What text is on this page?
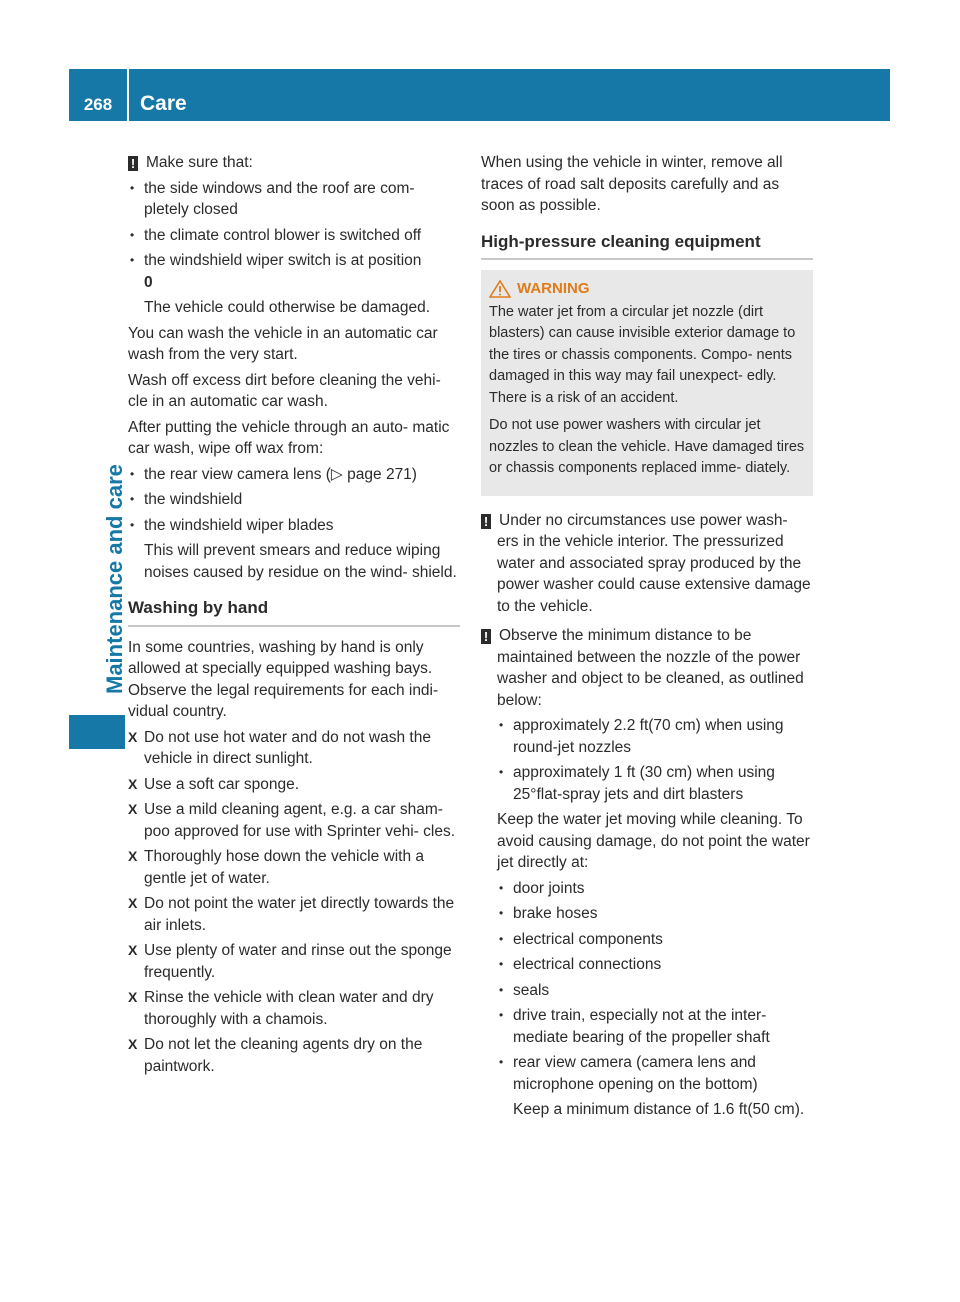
268	Care
Maintenance and care
! Make sure that:
• the side windows and the roof are com- pletely closed
• the climate control blower is switched off
• the windshield wiper switch is at position
0

The vehicle could otherwise be damaged.

You can wash the vehicle in an automatic car wash from the very start.

Wash off excess dirt before cleaning the vehi- cle in an automatic car wash.

After putting the vehicle through an auto- matic car wash, wipe off wax from:

• the rear view camera lens (▷ page 271)
• the windshield
• the windshield wiper blades

This will prevent smears and reduce wiping noises caused by residue on the wind- shield.

Washing by hand

In some countries, washing by hand is only allowed at specially equipped washing bays. Observe the legal requirements for each indi- vidual country.

X Do not use hot water and do not wash the vehicle in direct sunlight.
X Use a soft car sponge.
X Use a mild cleaning agent, e.g. a car sham- poo approved for use with Sprinter vehi- cles.
X Thoroughly hose down the vehicle with a gentle jet of water.
X Do not point the water jet directly towards the air inlets.
X Use plenty of water and rinse out the sponge frequently.
X Rinse the vehicle with clean water and dry thoroughly with a chamois.
X Do not let the cleaning agents dry on the paintwork.

When using the vehicle in winter, remove all traces of road salt deposits carefully and as soon as possible.

High-pressure cleaning equipment
WARNING

The water jet from a circular jet nozzle (dirt blasters) can cause invisible exterior damage to the tires or chassis components. Compo- nents damaged in this way may fail unexpect- edly. There is a risk of an accident.

Do not use power washers with circular jet nozzles to clean the vehicle. Have damaged tires or chassis components replaced imme- diately.

! Under no circumstances use power wash- ers in the vehicle interior. The pressurized water and associated spray produced by the power washer could cause extensive damage to the vehicle.
! Observe the minimum distance to be maintained between the nozzle of the power washer and object to be cleaned, as outlined below:
• approximately 2.2 ft(70 cm) when using round-jet nozzles
• approximately 1 ft (30 cm) when using 25°flat-spray jets and dirt blasters

Keep the water jet moving while cleaning. To avoid causing damage, do not point the water jet directly at:

• door joints
• brake hoses
• electrical components
• electrical connections
• seals
• drive train, especially not at the inter- mediate bearing of the propeller shaft
• rear view camera (camera lens and microphone opening on the bottom)

Keep a minimum distance of 1.6 ft(50 cm).
